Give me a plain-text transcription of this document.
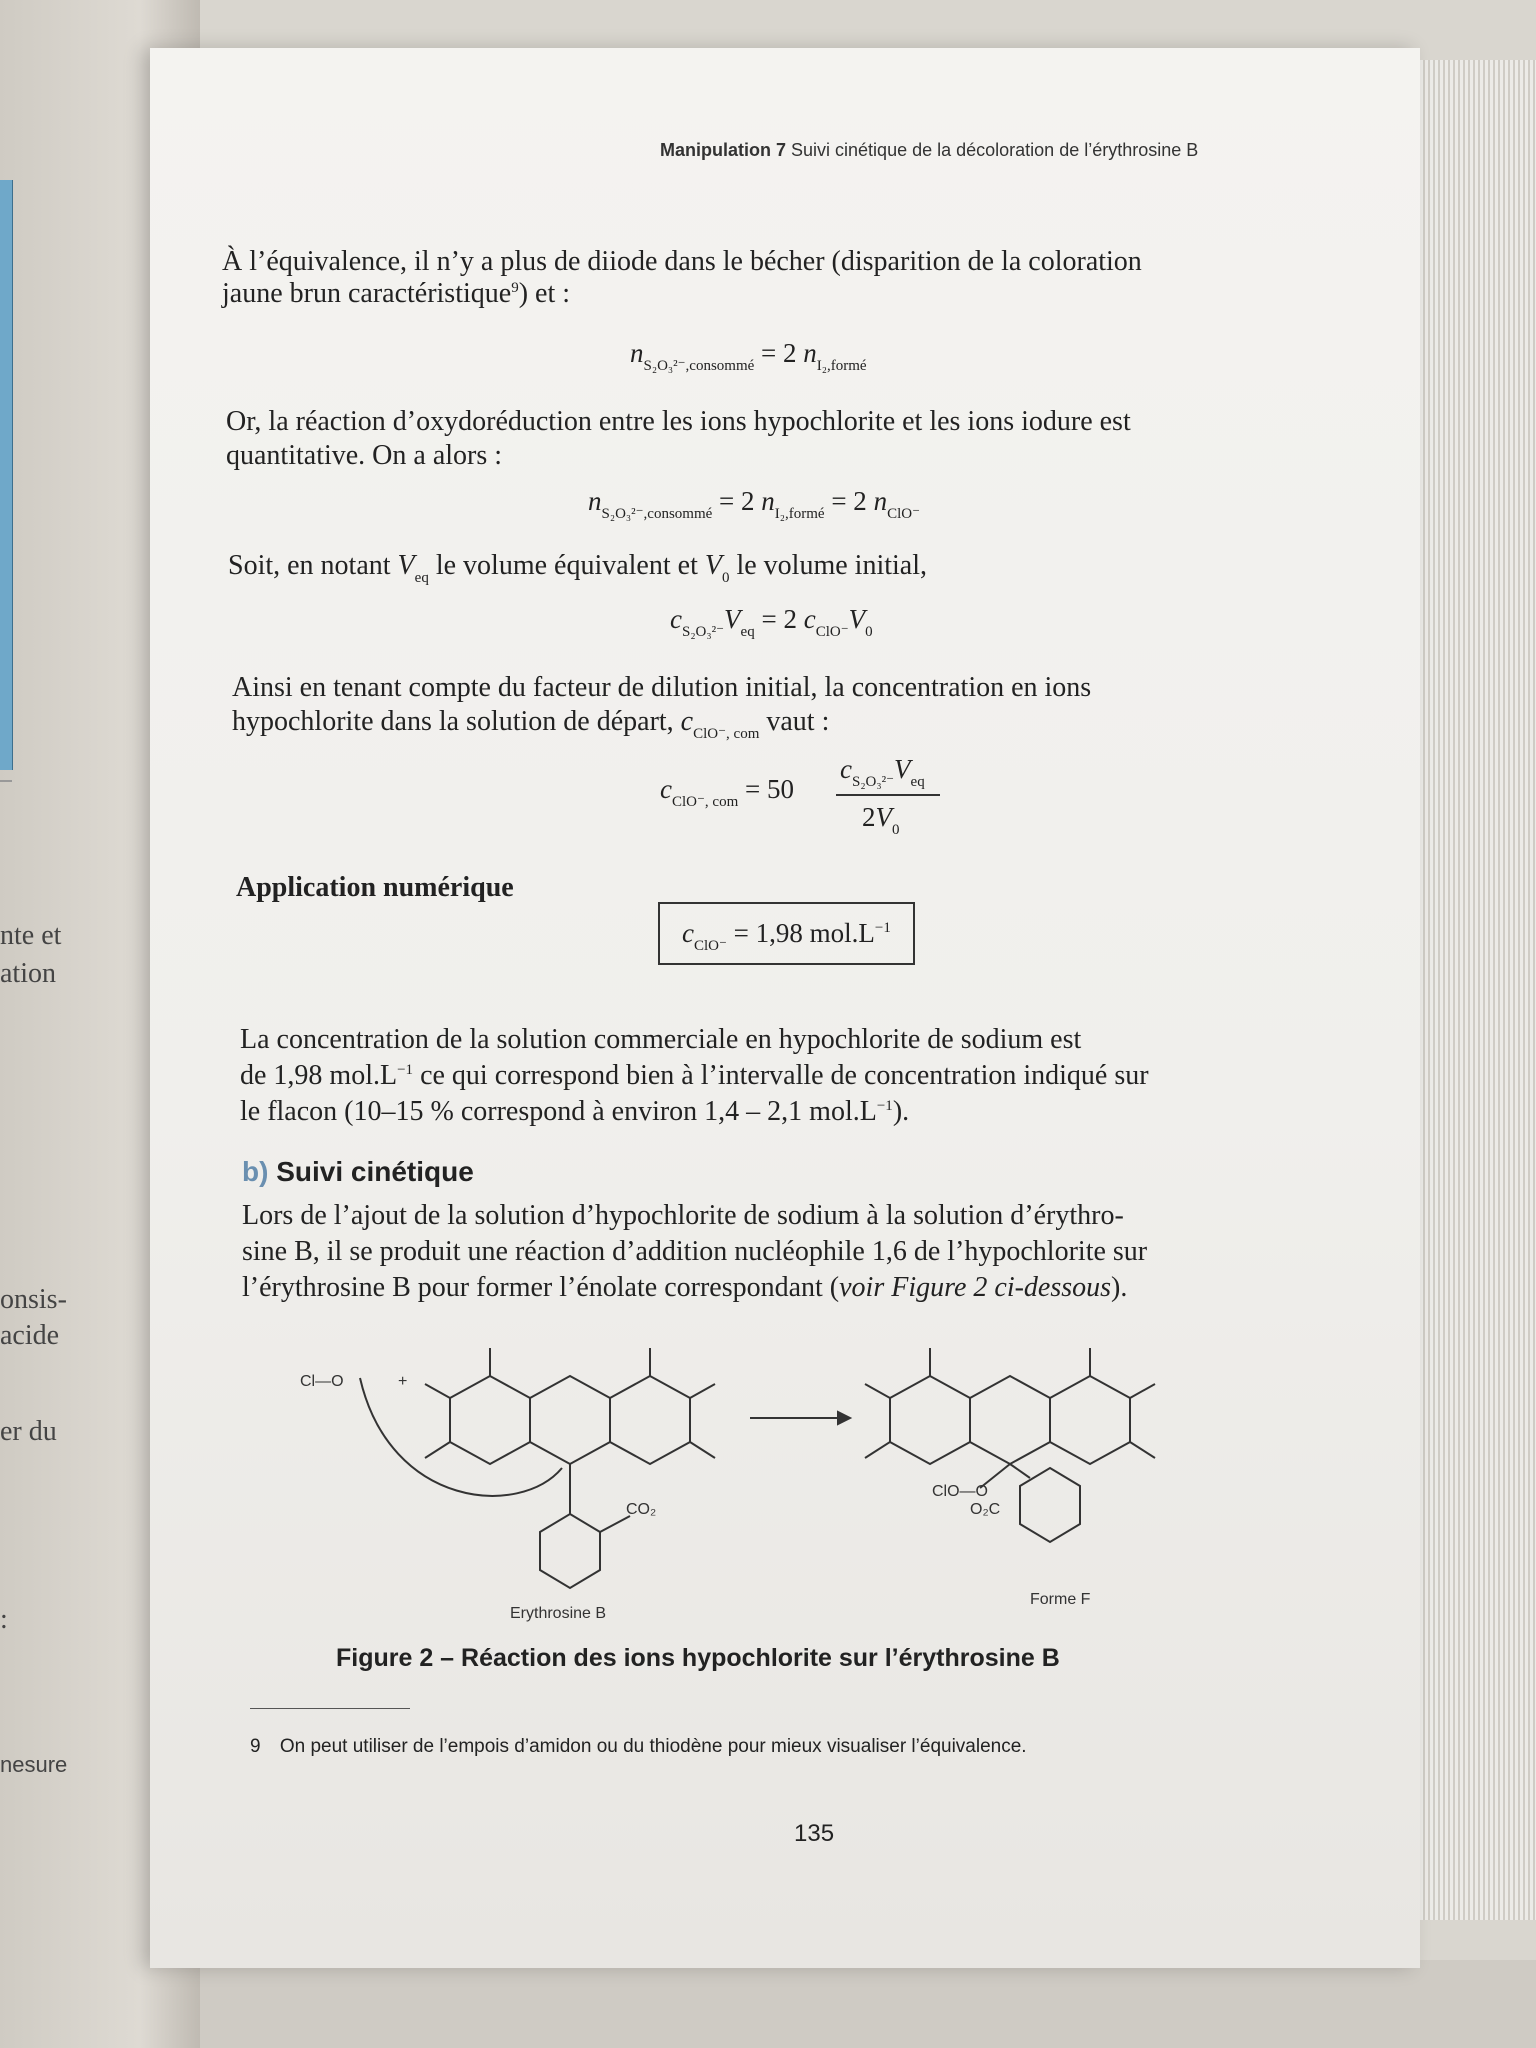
nte et
ation
onsis-
acide
er du
:
nesure
Manipulation 7 Suivi cinétique de la décoloration de l’érythrosine B
À l’équivalence, il n’y a plus de diiode dans le bécher (disparition de la coloration
jaune brun caractéristique$^9$) et :
$n_{S_2O_3^{2-},consommé} = 2$ $n_{I_2,formé}$
Or, la réaction d’oxydoréduction entre les ions hypochlorite et les ions iodure est
quantitative. On a alors :
$n_{S_2O_3^{2-},consommé} = 2$ $n_{I_2,formé} = 2$ $n_{ClO^-}$
Soit, en notant $V_{eq}$ le volume équivalent et $V_0$ le volume initial,
$c_{S_2O_3^{2-}}V_{eq} = 2$ $c_{ClO^-}V_0$
Ainsi en tenant compte du facteur de dilution initial, la concentration en ions
hypochlorite dans la solution de départ, $c_{ClO^-, com}$ vaut :
$c_{ClO^-, com} = 50$
$c_{S_2O_3^{2-}}V_{eq}$
$2V_0$
Application numérique
$c_{ClO^-} = 1,98$ $mol.L^{-1}$
La concentration de la solution commerciale en hypochlorite de sodium est
de 1,98 $mol.L^{-1}$ ce qui correspond bien à l’intervalle de concentration indiqué sur
le flacon (10–15 % correspond à environ 1,4 – 2,1 $mol.L^{-1}$).
b) Suivi cinétique
Lors de l’ajout de la solution d’hypochlorite de sodium à la solution d’érythro-
sine B, il se produit une réaction d’addition nucléophile 1,6 de l’hypochlorite sur
l’érythrosine B pour former l’énolate correspondant (voir Figure 2 ci-dessous).
Cl—O	+
CO₂	O₂C
ClO—O
Erythrosine B
Forme F
Figure 2 – Réaction des ions hypochlorite sur l’érythrosine B
9 On peut utiliser de l’empois d’amidon ou du thiodène pour mieux visualiser l’équivalence.
135
